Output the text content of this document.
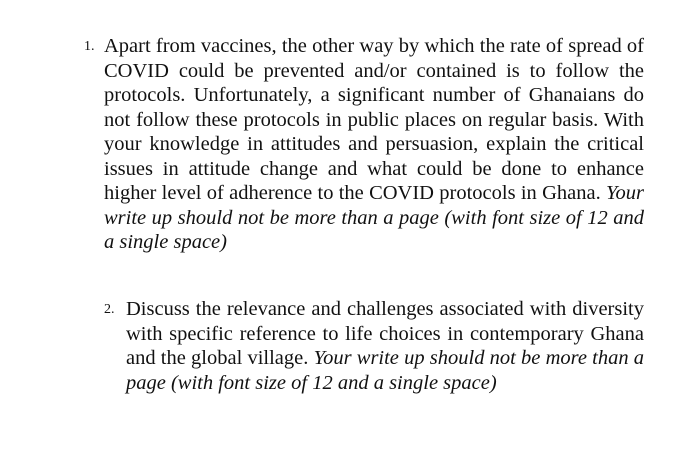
1. Apart from vaccines, the other way by which the rate of spread of COVID could be prevented and/or contained is to follow the protocols. Unfortunately, a significant number of Ghanaians do not follow these protocols in public places on regular basis. With your knowledge in attitudes and persuasion, explain the critical issues in attitude change and what could be done to enhance higher level of adherence to the COVID protocols in Ghana. Your write up should not be more than a page (with font size of 12 and a single space)

2. Discuss the relevance and challenges associated with diversity with specific reference to life choices in contemporary Ghana and the global village. Your write up should not be more than a page (with font size of 12 and a single space)
